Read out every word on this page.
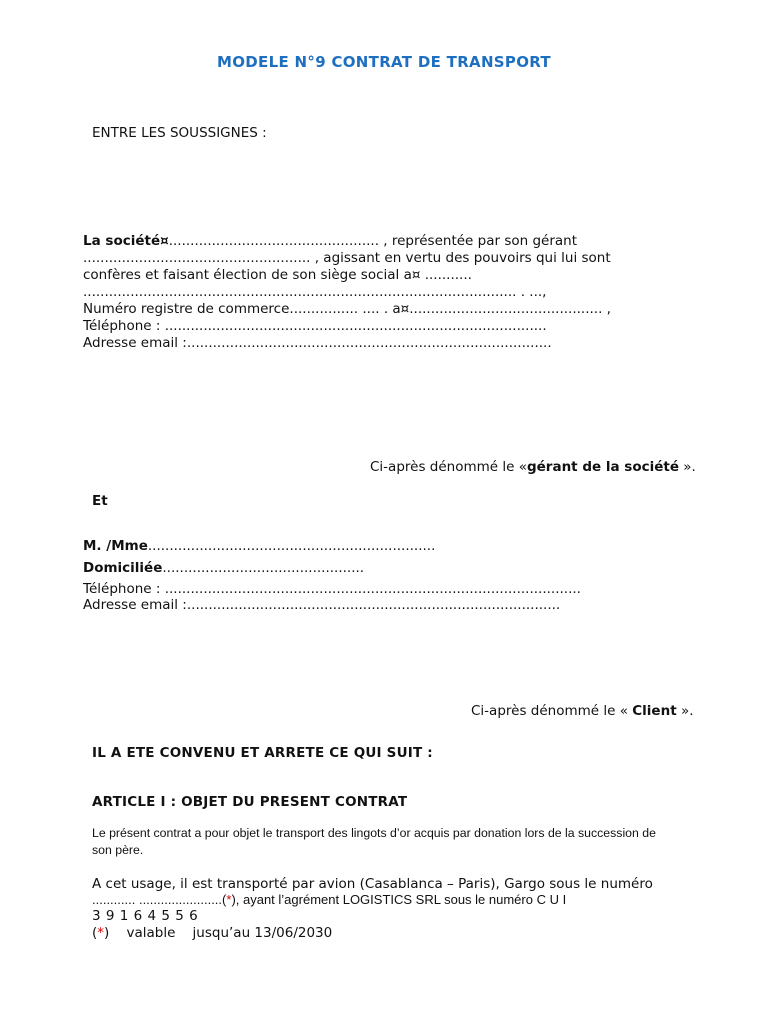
MODELE N°9 CONTRAT DE TRANSPORT
ENTRE LES SOUSSIGNES :
La société¤................................................. , représentée par son gérant
..................................................... , agissant en vertu des pouvoirs qui lui sont
confères et faisant élection de son siège social a¤ ...........
..................................................................................................... . ...,
Numéro registre de commerce................ .... . a¤............................................. ,
Téléphone : .........................................................................................
Adresse email :.....................................................................................
Ci-après dénommé le «gérant de la société ».
Et
M. /Mme...................................................................
Domiciliée...............................................
Téléphone : .................................................................................................
Adresse email :.......................................................................................
Ci-après dénommé le « Client ».
IL A ETE CONVENU ET ARRETE CE QUI SUIT :
ARTICLE I : OBJET DU PRESENT CONTRAT
Le présent contrat a pour objet le transport des lingots d’or acquis par donation lors de la succession de
son père.
A cet usage, il est transporté par avion (Casablanca – Paris), Gargo sous le numéro
............ .......................(*), ayant l’agrément LOGISTICS SRL sous le numéro C U I
3 9 1 6 4 5 5 6
(*)    valable    jusqu’au 13/06/2030
